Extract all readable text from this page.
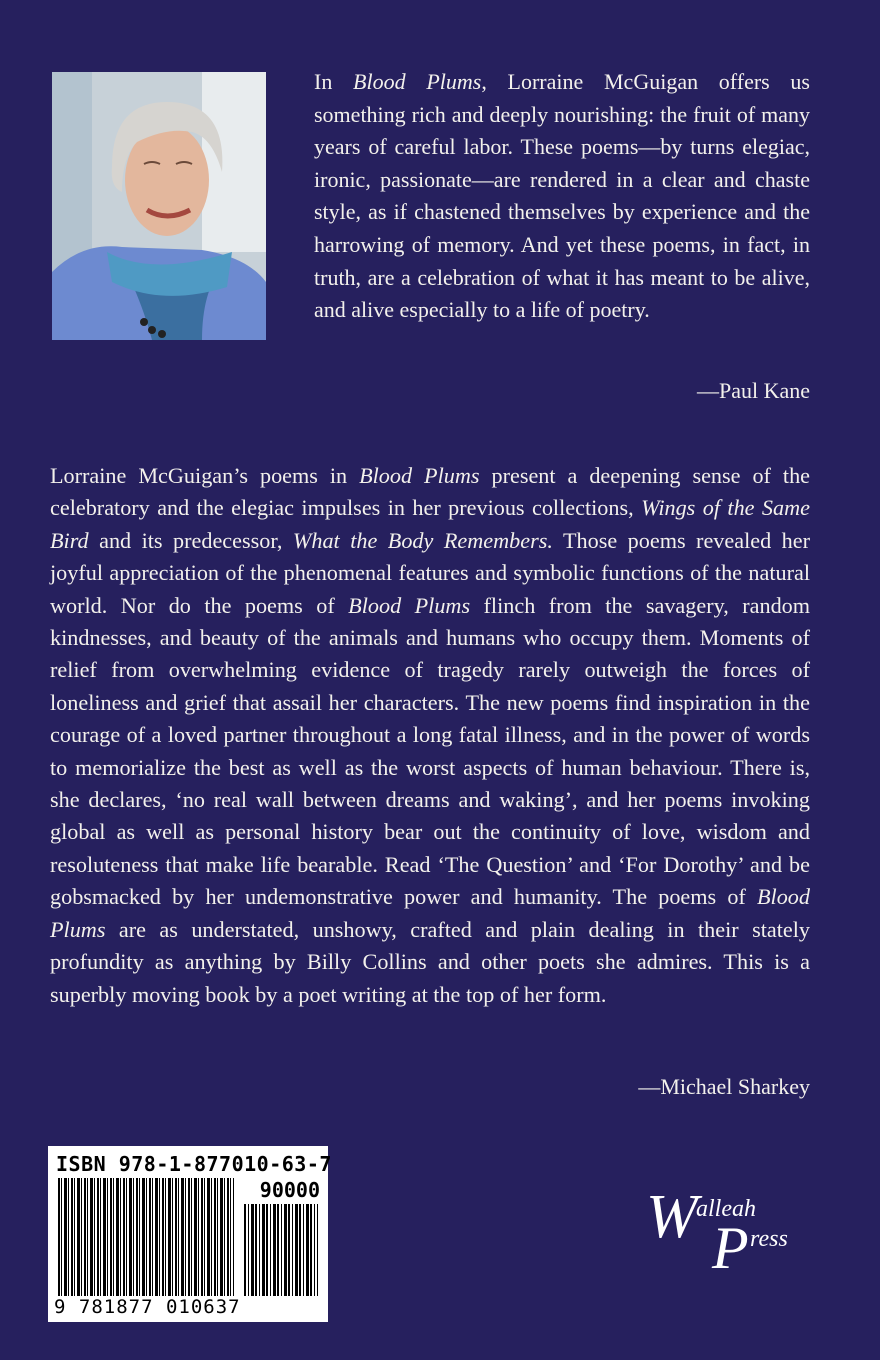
In Blood Plums, Lorraine McGuigan offers us something rich and deeply nourishing: the fruit of many years of careful labor. These poems—by turns elegiac, ironic, passionate—are rendered in a clear and chaste style, as if chastened themselves by experience and the harrowing of memory. And yet these poems, in fact, in truth, are a celebration of what it has meant to be alive, and alive especially to a life of poetry.
—Paul Kane
Lorraine McGuigan’s poems in Blood Plums present a deepening sense of the celebratory and the elegiac impulses in her previous collections, Wings of the Same Bird and its predecessor, What the Body Remembers. Those poems revealed her joyful appreciation of the phenomenal features and symbolic functions of the natural world. Nor do the poems of Blood Plums flinch from the savagery, random kindnesses, and beauty of the animals and humans who occupy them. Moments of relief from overwhelming evidence of tragedy rarely outweigh the forces of loneliness and grief that assail her characters. The new poems find inspiration in the courage of a loved partner throughout a long fatal illness, and in the power of words to memorialize the best as well as the worst aspects of human behaviour. There is, she declares, ‘no real wall between dreams and waking’, and her poems invoking global as well as personal history bear out the continuity of love, wisdom and resoluteness that make life bearable. Read ‘The Question’ and ‘For Dorothy’ and be gobsmacked by her undemonstrative power and humanity. The poems of Blood Plums are as understated, unshowy, crafted and plain dealing in their stately profundity as anything by Billy Collins and other poets she admires. This is a superbly moving book by a poet writing at the top of her form.
—Michael Sharkey
ISBN 978-1-877010-63-7
90000
9 781877 010637
W
alleah
P ress
